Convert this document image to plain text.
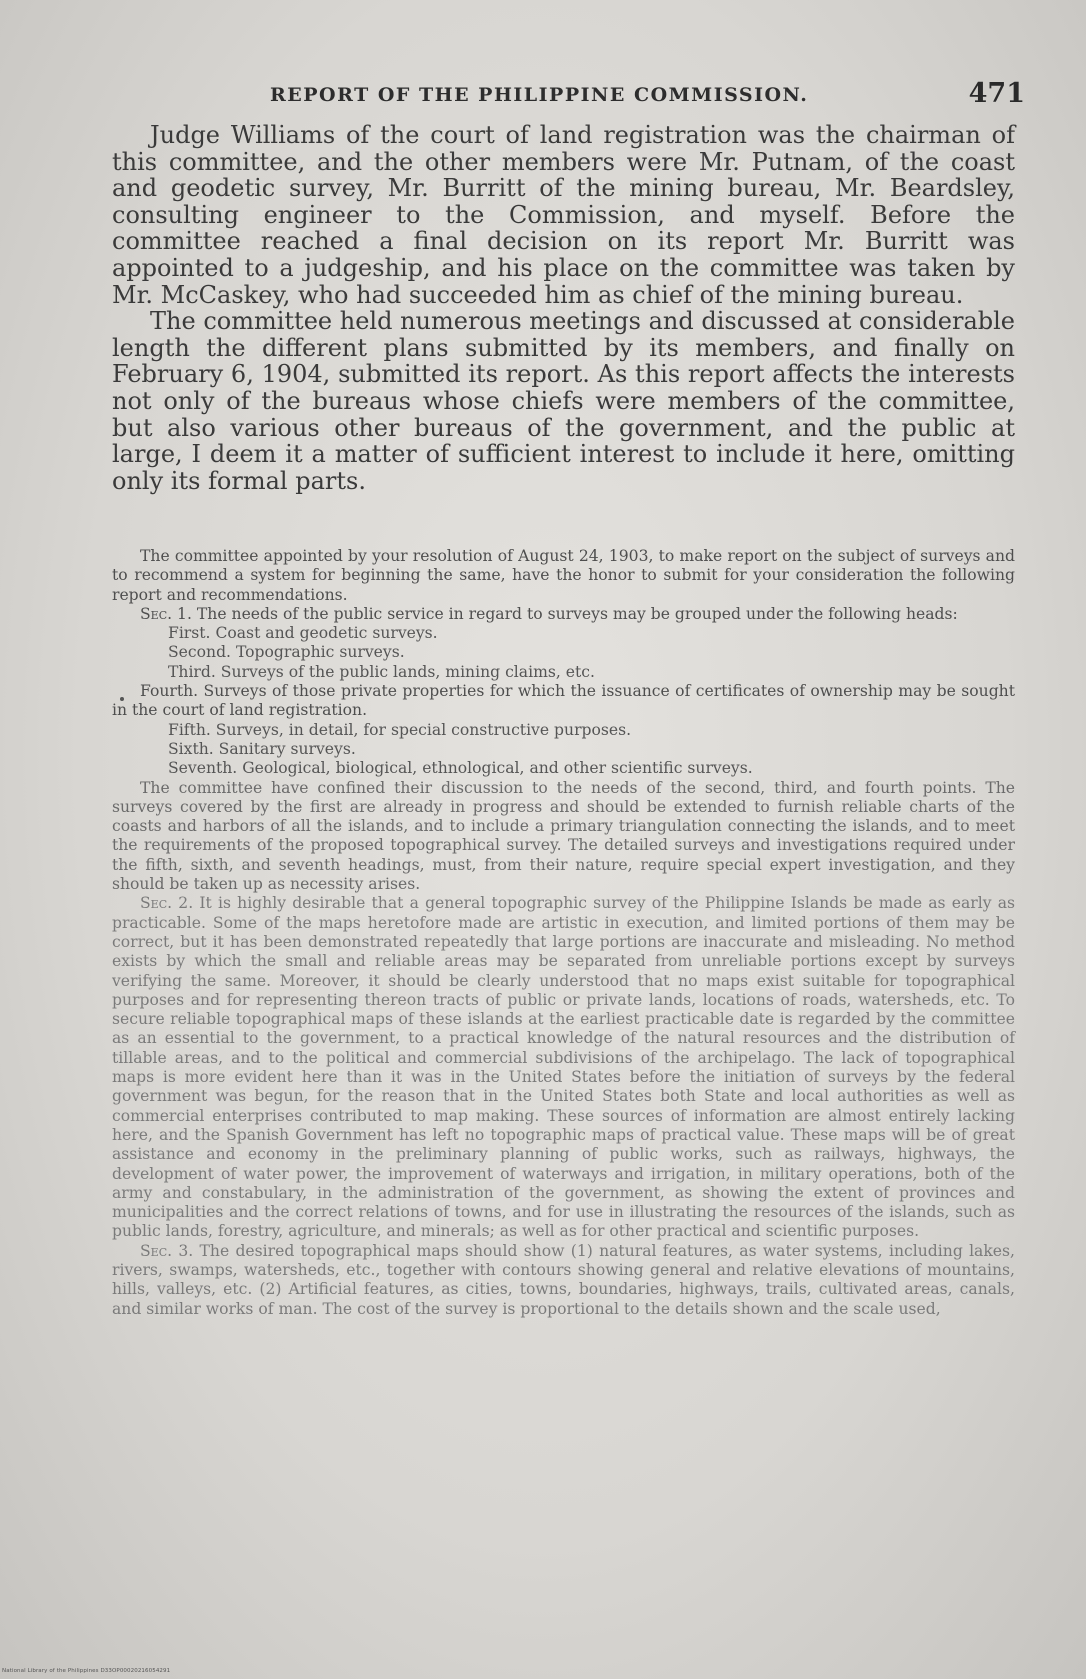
REPORT OF THE PHILIPPINE COMMISSION.	471

Judge Williams of the court of land registration was the chairman of this committee, and the other members were Mr. Putnam, of the coast and geodetic survey, Mr. Burritt of the mining bureau, Mr. Beardsley, consulting engineer to the Commission, and myself. Before the committee reached a final decision on its report Mr. Burritt was appointed to a judgeship, and his place on the committee was taken by Mr. McCaskey, who had succeeded him as chief of the mining bureau.

The committee held numerous meetings and discussed at considerable length the different plans submitted by its members, and finally on February 6, 1904, submitted its report. As this report affects the interests not only of the bureaus whose chiefs were members of the committee, but also various other bureaus of the government, and the public at large, I deem it a matter of sufficient interest to include it here, omitting only its formal parts.

The committee appointed by your resolution of August 24, 1903, to make report on the subject of surveys and to recommend a system for beginning the same, have the honor to submit for your consideration the following report and recommendations.

Sec. 1. The needs of the public service in regard to surveys may be grouped under the following heads:

First. Coast and geodetic surveys.

Second. Topographic surveys.

Third. Surveys of the public lands, mining claims, etc.

Fourth. Surveys of those private properties for which the issuance of certificates of ownership may be sought in the court of land registration.

Fifth. Surveys, in detail, for special constructive purposes.

Sixth. Sanitary surveys.

Seventh. Geological, biological, ethnological, and other scientific surveys.

The committee have confined their discussion to the needs of the second, third, and fourth points. The surveys covered by the first are already in progress and should be extended to furnish reliable charts of the coasts and harbors of all the islands, and to include a primary triangulation connecting the islands, and to meet the requirements of the proposed topographical survey. The detailed surveys and investigations required under the fifth, sixth, and seventh headings, must, from their nature, require special expert investigation, and they should be taken up as necessity arises.

Sec. 2. It is highly desirable that a general topographic survey of the Philippine Islands be made as early as practicable. Some of the maps heretofore made are artistic in execution, and limited portions of them may be correct, but it has been demonstrated repeatedly that large portions are inaccurate and misleading. No method exists by which the small and reliable areas may be separated from unreliable portions except by surveys verifying the same. Moreover, it should be clearly understood that no maps exist suitable for topographical purposes and for representing thereon tracts of public or private lands, locations of roads, watersheds, etc. To secure reliable topographical maps of these islands at the earliest practicable date is regarded by the committee as an essential to the government, to a practical knowledge of the natural resources and the distribution of tillable areas, and to the political and commercial subdivisions of the archipelago. The lack of topographical maps is more evident here than it was in the United States before the initiation of surveys by the federal government was begun, for the reason that in the United States both State and local authorities as well as commercial enterprises contributed to map making. These sources of information are almost entirely lacking here, and the Spanish Government has left no topographic maps of practical value. These maps will be of great assistance and economy in the preliminary planning of public works, such as railways, highways, the development of water power, the improvement of waterways and irrigation, in military operations, both of the army and constabulary, in the administration of the government, as showing the extent of provinces and municipalities and the correct relations of towns, and for use in illustrating the resources of the islands, such as public lands, forestry, agriculture, and minerals; as well as for other practical and scientific purposes.

Sec. 3. The desired topographical maps should show (1) natural features, as water systems, including lakes, rivers, swamps, watersheds, etc., together with contours showing general and relative elevations of mountains, hills, valleys, etc. (2) Artificial features, as cities, towns, boundaries, highways, trails, cultivated areas, canals, and similar works of man. The cost of the survey is proportional to the details shown and the scale used,

National Library of the Philippines D33OP00020216054291
